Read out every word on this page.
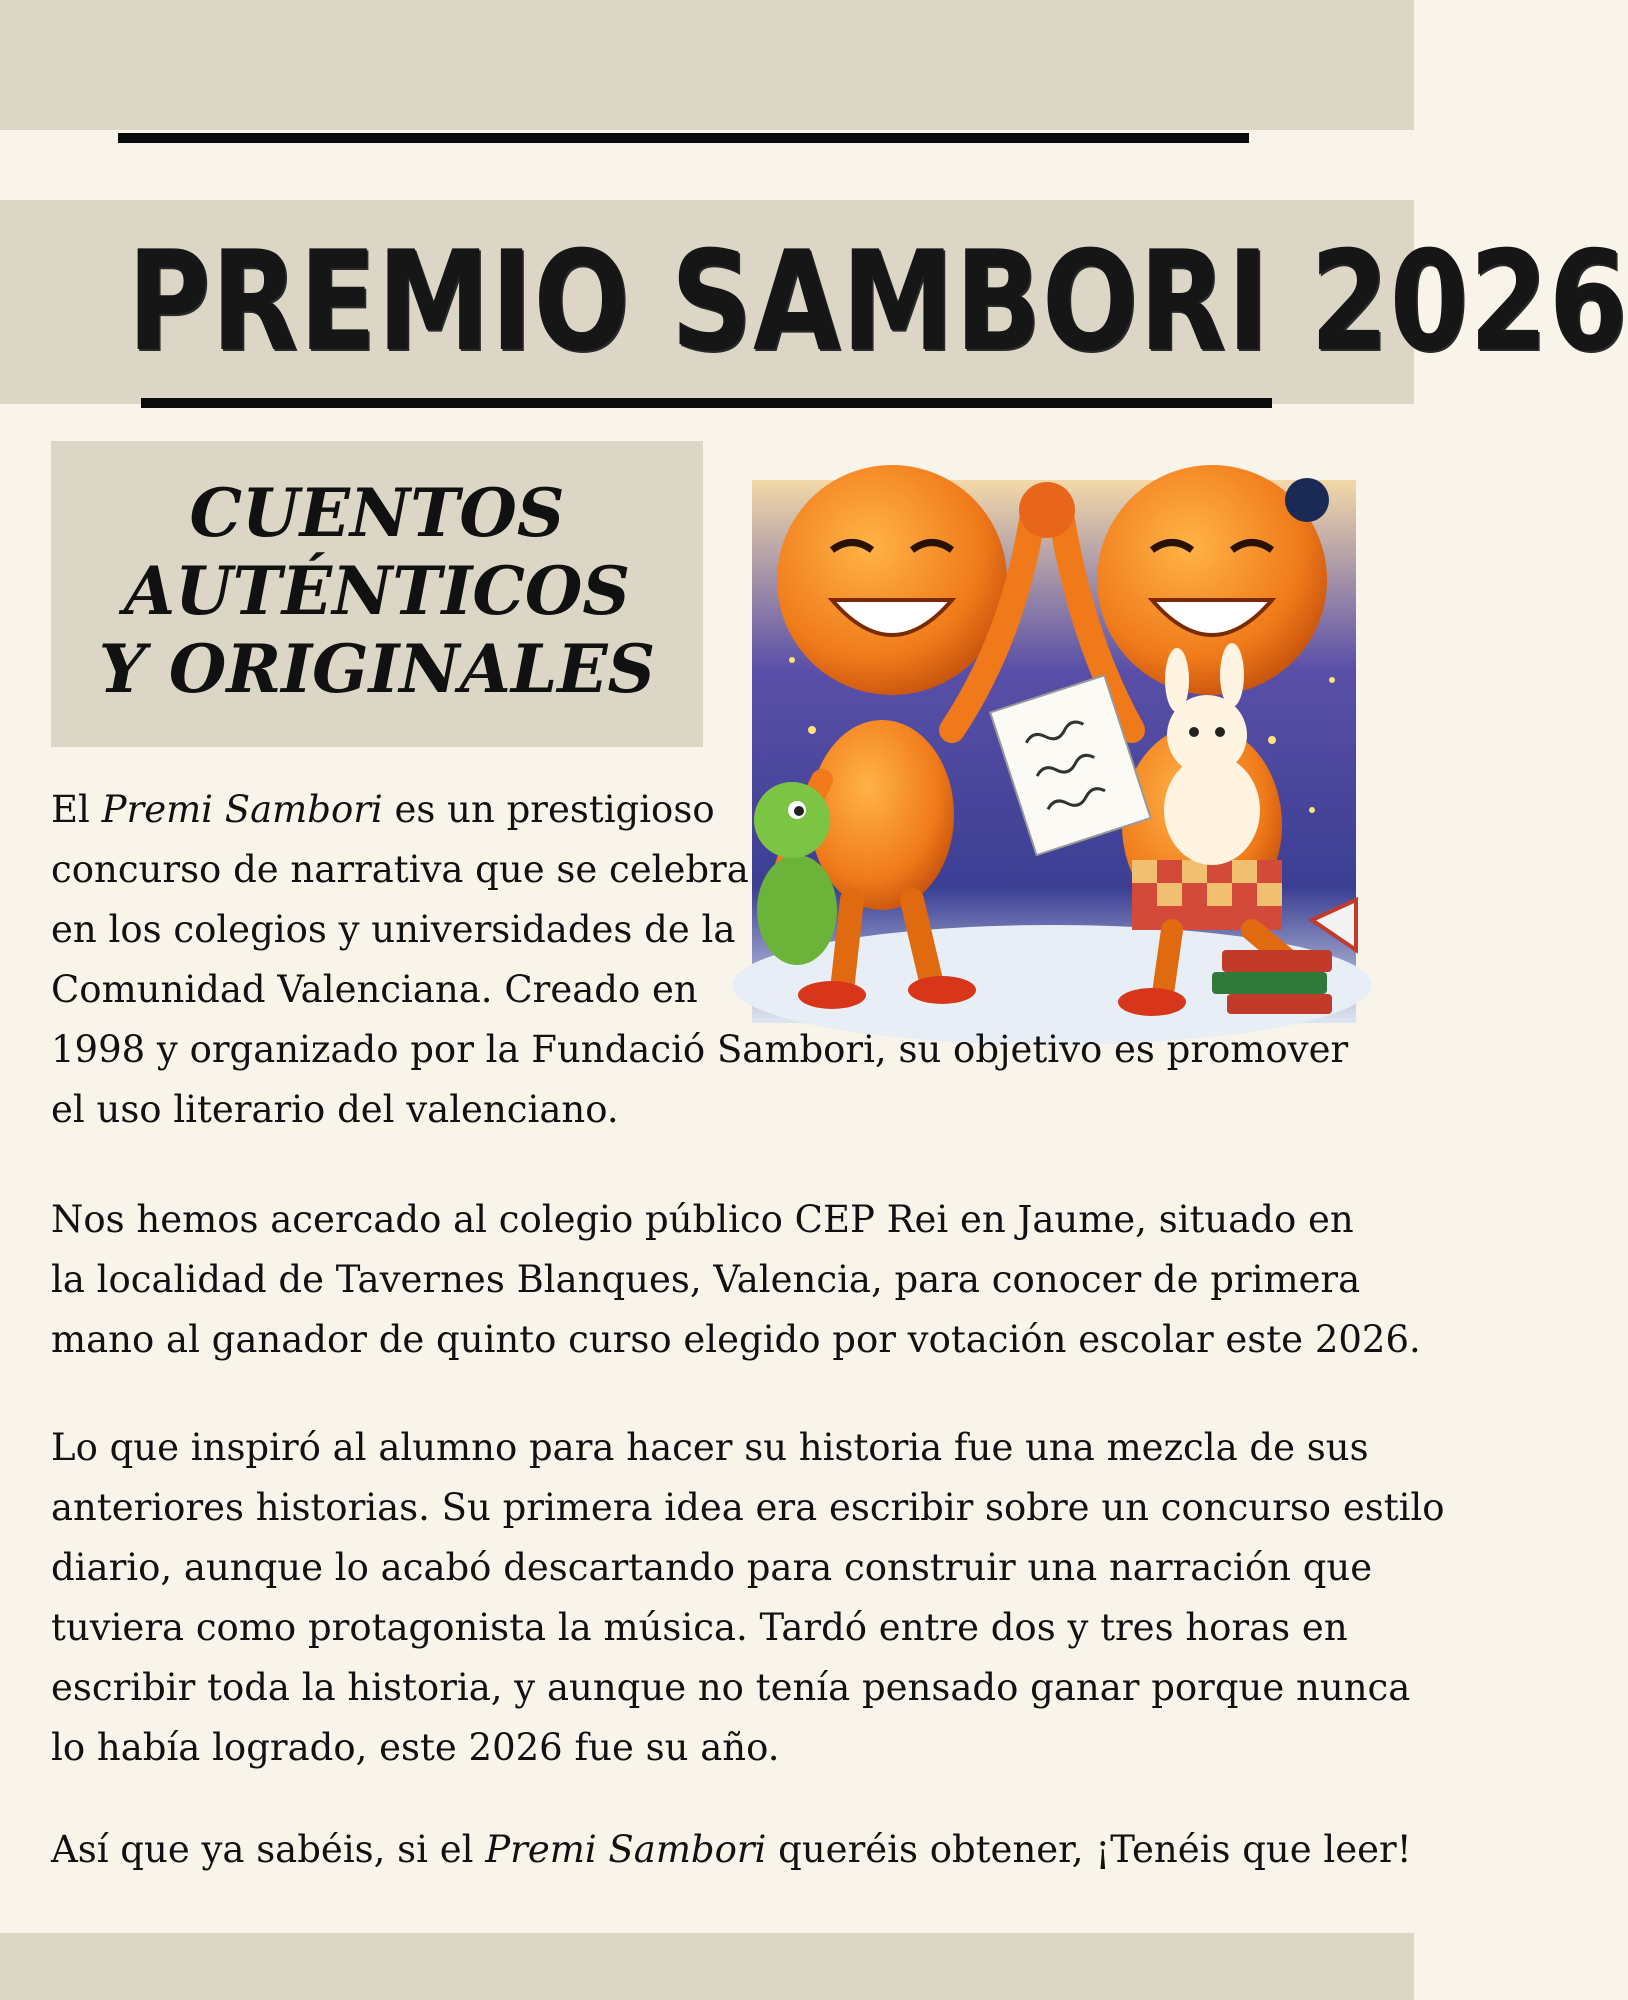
PREMIO SAMBORI 2026
CUENTOS
AUTÉNTICOS
Y ORIGINALES
El Premi Sambori es un prestigioso
concurso de narrativa que se celebra
en los colegios y universidades de la
Comunidad Valenciana. Creado en
1998 y organizado por la Fundació Sambori, su objetivo es promover
el uso literario del valenciano.
Nos hemos acercado al colegio público CEP Rei en Jaume, situado en
la localidad de Tavernes Blanques, Valencia, para conocer de primera
mano al ganador de quinto curso elegido por votación escolar este 2026.
Lo que inspiró al alumno para hacer su historia fue una mezcla de sus
anteriores historias. Su primera idea era escribir sobre un concurso estilo
diario, aunque lo acabó descartando para construir una narración que
tuviera como protagonista la música. Tardó entre dos y tres horas en
escribir toda la historia, y aunque no tenía pensado ganar porque nunca
lo había logrado, este 2026 fue su año.
Así que ya sabéis, si el Premi Sambori queréis obtener, ¡Tenéis que leer!
